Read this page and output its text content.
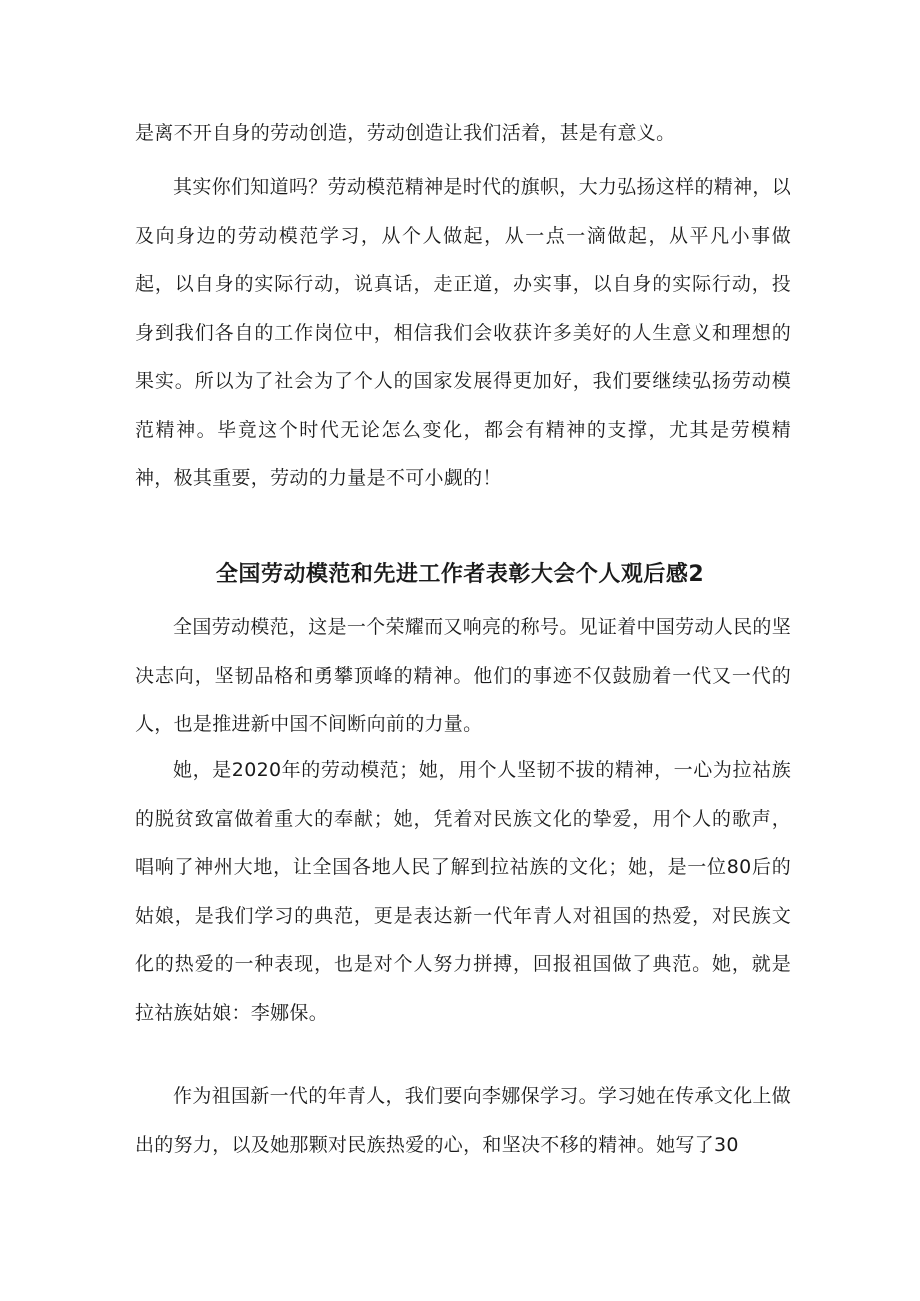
是离不开自身的劳动创造，劳动创造让我们活着，甚是有意义。

其实你们知道吗？劳动模范精神是时代的旗帜，大力弘扬这样的精神，以及向身边的劳动模范学习，从个人做起，从一点一滴做起，从平凡小事做起，以自身的实际行动，说真话，走正道，办实事，以自身的实际行动，投身到我们各自的工作岗位中，相信我们会收获许多美好的人生意义和理想的果实。所以为了社会为了个人的国家发展得更加好，我们要继续弘扬劳动模范精神。毕竟这个时代无论怎么变化，都会有精神的支撑，尤其是劳模精神，极其重要，劳动的力量是不可小觑的！

全国劳动模范和先进工作者表彰大会个人观后感2

全国劳动模范，这是一个荣耀而又响亮的称号。见证着中国劳动人民的坚决志向，坚韧品格和勇攀顶峰的精神。他们的事迹不仅鼓励着一代又一代的人，也是推进新中国不间断向前的力量。

她，是2020年的劳动模范；她，用个人坚韧不拔的精神，一心为拉祜族的脱贫致富做着重大的奉献；她，凭着对民族文化的挚爱，用个人的歌声，唱响了神州大地，让全国各地人民了解到拉祜族的文化；她，是一位80后的姑娘，是我们学习的典范，更是表达新一代年青人对祖国的热爱，对民族文化的热爱的一种表现，也是对个人努力拼搏，回报祖国做了典范。她，就是拉祜族姑娘：李娜保。

作为祖国新一代的年青人，我们要向李娜保学习。学习她在传承文化上做出的努力，以及她那颗对民族热爱的心，和坚决不移的精神。她写了30
